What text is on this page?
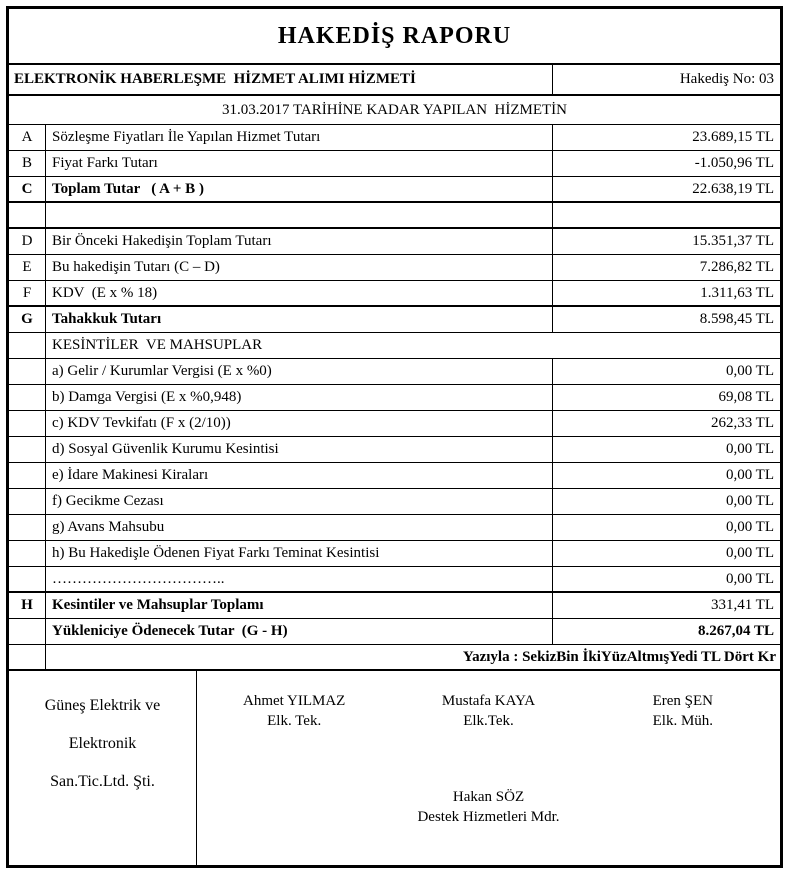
HAKEDİŞ RAPORU
ELEKTRONİK HABERLEŞME  HİZMET ALIMI HİZMETİ	Hakediş No: 03
31.03.2017 TARİHİNE KADAR YAPILAN  HİZMETİN
A	Sözleşme Fiyatları İle Yapılan Hizmet Tutarı	23.689,15 TL
B	Fiyat Farkı Tutarı	-1.050,96 TL
C	Toplam Tutar   ( A + B )	22.638,19 TL
D	Bir Önceki Hakedişin Toplam Tutarı	15.351,37 TL
E	Bu hakedişin Tutarı (C – D)	7.286,82 TL
F	KDV  (E x % 18)	1.311,63 TL
G	Tahakkuk Tutarı	8.598,45 TL
KESİNTİLER  VE MAHSUPLAR
a) Gelir / Kurumlar Vergisi (E x %0)	0,00 TL
b) Damga Vergisi (E x %0,948)	69,08 TL
c) KDV Tevkifatı (F x (2/10))	262,33 TL
d) Sosyal Güvenlik Kurumu Kesintisi	0,00 TL
e) İdare Makinesi Kiraları	0,00 TL
f) Gecikme Cezası	0,00 TL
g) Avans Mahsubu	0,00 TL
h) Bu Hakedişle Ödenen Fiyat Farkı Teminat Kesintisi	0,00 TL
……………………………..	0,00 TL
H	Kesintiler ve Mahsuplar Toplamı	331,41 TL
Yükleniciye Ödenecek Tutar  (G - H)	8.267,04 TL
Yazıyla : SekizBin İkiYüzAltmışYedi TL Dört Kr
Güneş Elektrik ve
Elektronik
San.Tic.Ltd. Şti.
Ahmet YILMAZ
Elk. Tek.
Mustafa KAYA
Elk.Tek.
Eren ŞEN
Elk. Müh.
Hakan SÖZ
Destek Hizmetleri Mdr.
